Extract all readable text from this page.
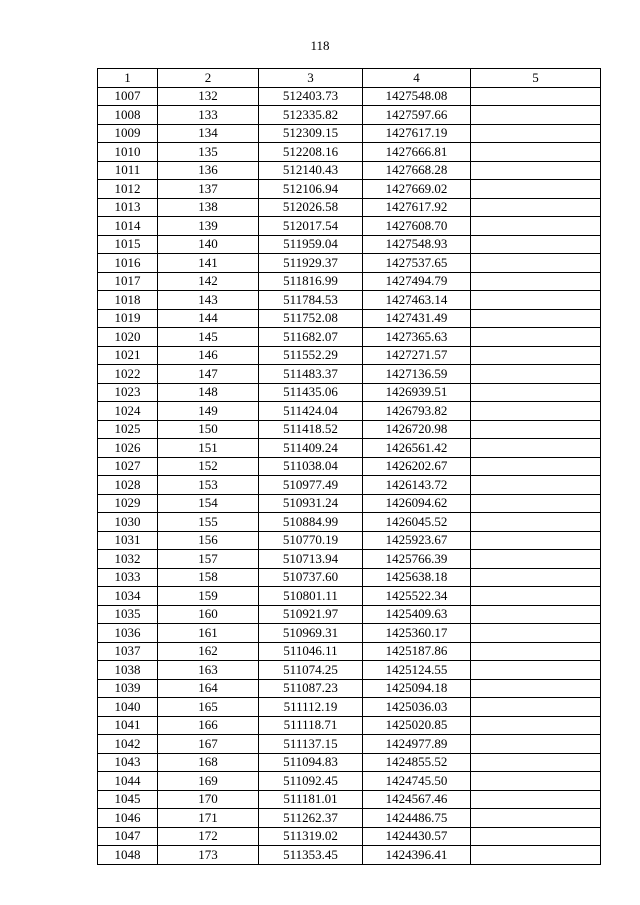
118
1	2	3	4	5
1007	132	512403.73	1427548.08	
1008	133	512335.82	1427597.66	
1009	134	512309.15	1427617.19	
1010	135	512208.16	1427666.81	
1011	136	512140.43	1427668.28	
1012	137	512106.94	1427669.02	
1013	138	512026.58	1427617.92	
1014	139	512017.54	1427608.70	
1015	140	511959.04	1427548.93	
1016	141	511929.37	1427537.65	
1017	142	511816.99	1427494.79	
1018	143	511784.53	1427463.14	
1019	144	511752.08	1427431.49	
1020	145	511682.07	1427365.63	
1021	146	511552.29	1427271.57	
1022	147	511483.37	1427136.59	
1023	148	511435.06	1426939.51	
1024	149	511424.04	1426793.82	
1025	150	511418.52	1426720.98	
1026	151	511409.24	1426561.42	
1027	152	511038.04	1426202.67	
1028	153	510977.49	1426143.72	
1029	154	510931.24	1426094.62	
1030	155	510884.99	1426045.52	
1031	156	510770.19	1425923.67	
1032	157	510713.94	1425766.39	
1033	158	510737.60	1425638.18	
1034	159	510801.11	1425522.34	
1035	160	510921.97	1425409.63	
1036	161	510969.31	1425360.17	
1037	162	511046.11	1425187.86	
1038	163	511074.25	1425124.55	
1039	164	511087.23	1425094.18	
1040	165	511112.19	1425036.03	
1041	166	511118.71	1425020.85	
1042	167	511137.15	1424977.89	
1043	168	511094.83	1424855.52	
1044	169	511092.45	1424745.50	
1045	170	511181.01	1424567.46	
1046	171	511262.37	1424486.75	
1047	172	511319.02	1424430.57	
1048	173	511353.45	1424396.41	
